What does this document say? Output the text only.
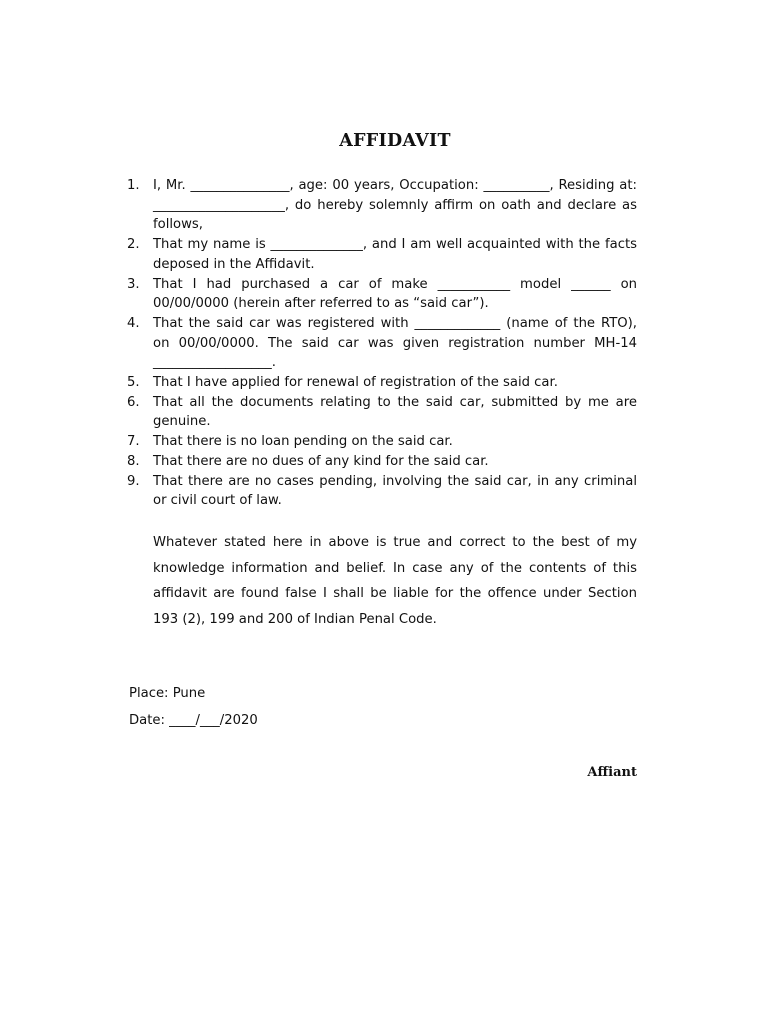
AFFIDAVIT
1.	I, Mr. _______________, age: 00 years, Occupation: __________, Residing at: ____________________, do hereby solemnly affirm on oath and declare as follows,
2.	That my name is ______________, and I am well acquainted with the facts deposed in the Affidavit.
3.	That I had purchased a car of make ___________ model ______ on 00/00/0000 (herein after referred to as “said car”).
4.	That the said car was registered with _____________ (name of the RTO), on 00/00/0000. The said car was given registration number MH-14 __________________.
5.	That I have applied for renewal of registration of the said car.
6.	That all the documents relating to the said car, submitted by me are genuine.
7.	That there is no loan pending on the said car.
8.	That there are no dues of any kind for the said car.
9.	That there are no cases pending, involving the said car, in any criminal or civil court of law.

Whatever stated here in above is true and correct to the best of my knowledge information and belief. In case any of the contents of this affidavit are found false I shall be liable for the offence under Section 193 (2), 199 and 200 of Indian Penal Code.

Place: Pune
Date: ____/___/2020
Affiant
